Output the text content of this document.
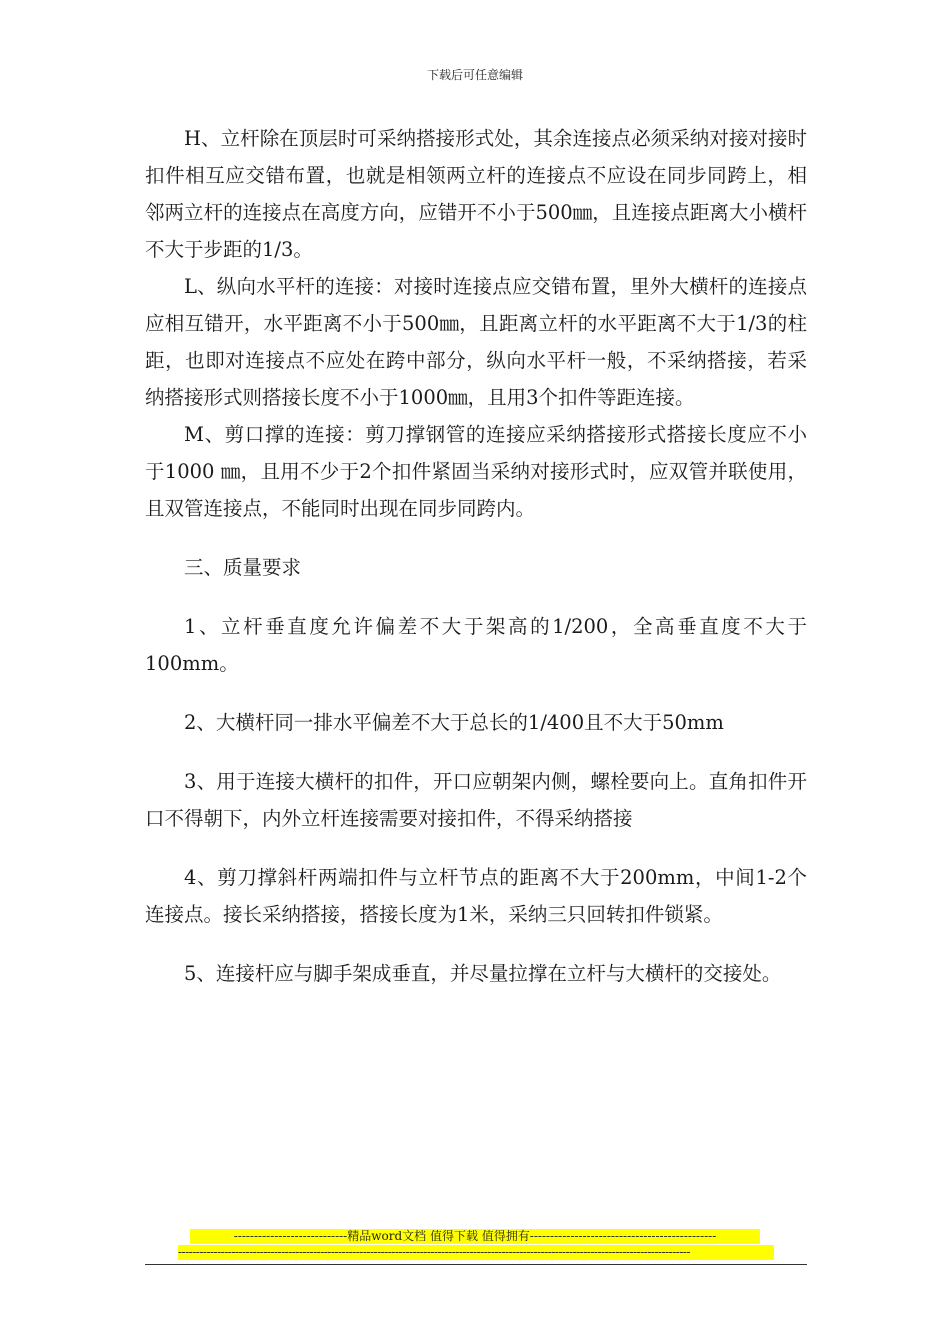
下载后可任意编辑

H、立杆除在顶层时可采纳搭接形式处，其余连接点必须采纳对接对接时扣件相互应交错布置，也就是相领两立杆的连接点不应设在同步同跨上，相邻两立杆的连接点在高度方向，应错开不小于500㎜，且连接点距离大小横杆不大于步距的1/3。

L、纵向水平杆的连接：对接时连接点应交错布置，里外大横杆的连接点应相互错开，水平距离不小于500㎜，且距离立杆的水平距离不大于1/3的柱距，也即对连接点不应处在跨中部分，纵向水平杆一般，不采纳搭接，若采纳搭接形式则搭接长度不小于1000㎜，且用3个扣件等距连接。

M、剪口撑的连接：剪刀撑钢管的连接应采纳搭接形式搭接长度应不小于1000 ㎜，且用不少于2个扣件紧固当采纳对接形式时，应双管并联使用，且双管连接点，不能同时出现在同步同跨内。

三、质量要求

1、立杆垂直度允许偏差不大于架高的1/200，全高垂直度不大于100mm。

2、大横杆同一排水平偏差不大于总长的1/400且不大于50mm

3、用于连接大横杆的扣件，开口应朝架内侧，螺栓要向上。直角扣件开口不得朝下，内外立杆连接需要对接扣件，不得采纳搭接

4、剪刀撑斜杆两端扣件与立杆节点的距离不大于200mm，中间1-2个连接点。接长采纳搭接，搭接长度为1米，采纳三只回转扣件锁紧。

5、连接杆应与脚手架成垂直，并尽量拉撑在立杆与大横杆的交接处。

----------------------------精品word文档 值得下载 值得拥有----------------------------------------------
------------------------------------------------------------------------------------------------------------------------------------------------
